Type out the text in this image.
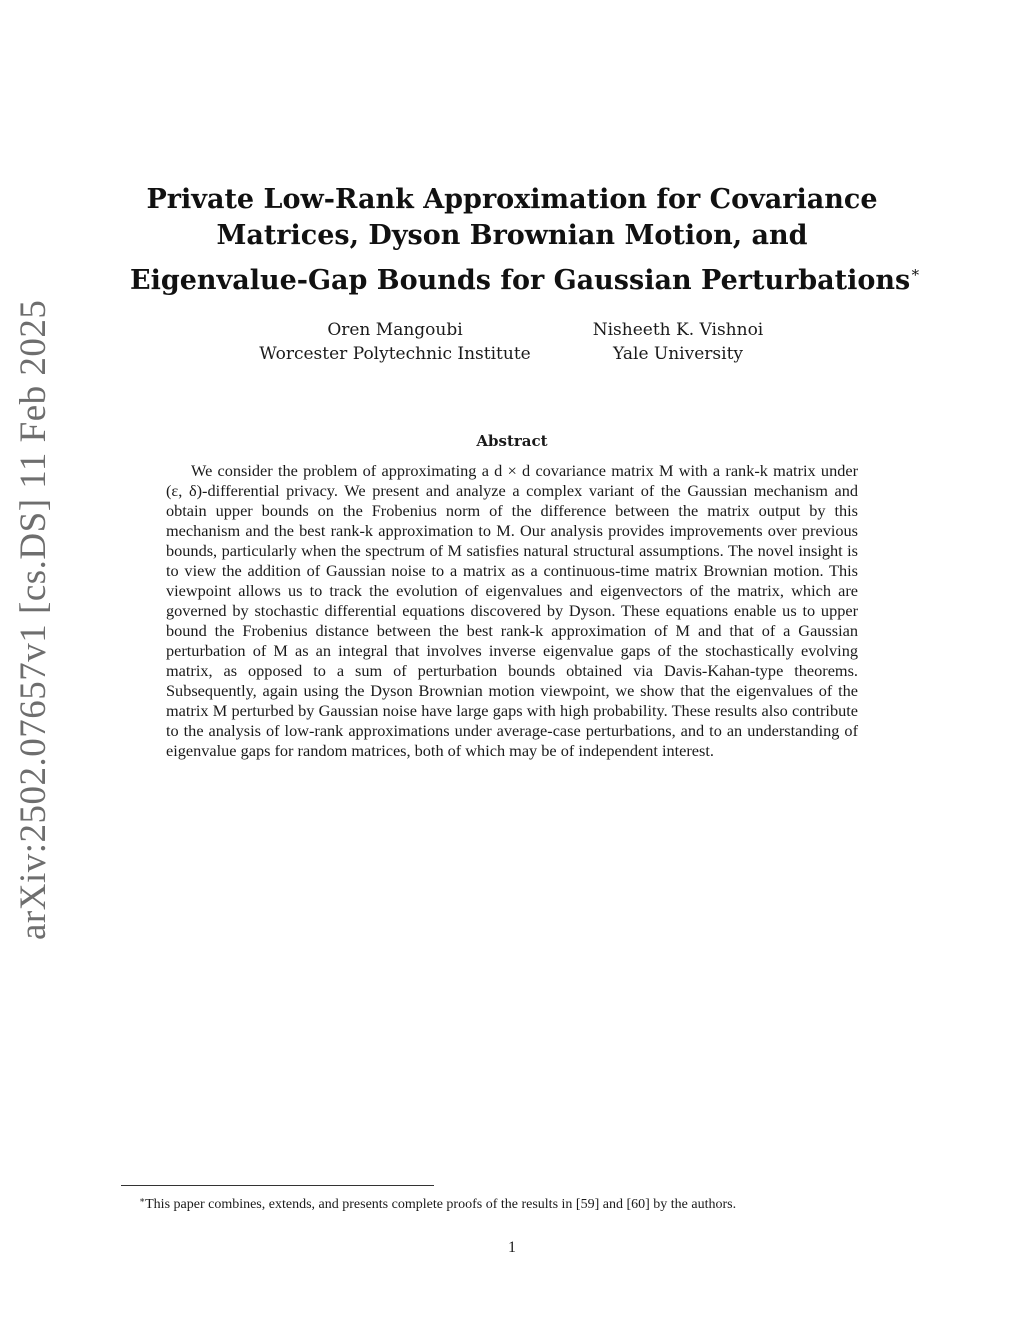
arXiv:2502.07657v1 [cs.DS] 11 Feb 2025
Private Low-Rank Approximation for Covariance
Matrices, Dyson Brownian Motion, and
Eigenvalue-Gap Bounds for Gaussian Perturbations∗
Oren Mangoubi
Worcester Polytechnic Institute
Nisheeth K. Vishnoi
Yale University
Abstract

We consider the problem of approximating a d × d covariance matrix M with a rank-k matrix under (ε, δ)-differential privacy. We present and analyze a complex variant of the Gaussian mechanism and obtain upper bounds on the Frobenius norm of the difference between the matrix output by this mechanism and the best rank-k approximation to M. Our analysis provides improvements over previous bounds, particularly when the spectrum of M satisfies natural structural assumptions. The novel insight is to view the addition of Gaussian noise to a matrix as a continuous-time matrix Brownian motion. This viewpoint allows us to track the evolution of eigenvalues and eigenvectors of the matrix, which are governed by stochastic differential equations discovered by Dyson. These equations enable us to upper bound the Frobenius distance between the best rank-k approximation of M and that of a Gaussian perturbation of M as an integral that involves inverse eigenvalue gaps of the stochastically evolving matrix, as opposed to a sum of perturbation bounds obtained via Davis-Kahan-type theorems. Subsequently, again using the Dyson Brownian motion viewpoint, we show that the eigenvalues of the matrix M perturbed by Gaussian noise have large gaps with high probability. These results also contribute to the analysis of low-rank approximations under average-case perturbations, and to an understanding of eigenvalue gaps for random matrices, both of which may be of independent interest.

∗This paper combines, extends, and presents complete proofs of the results in [59] and [60] by the authors.
1
